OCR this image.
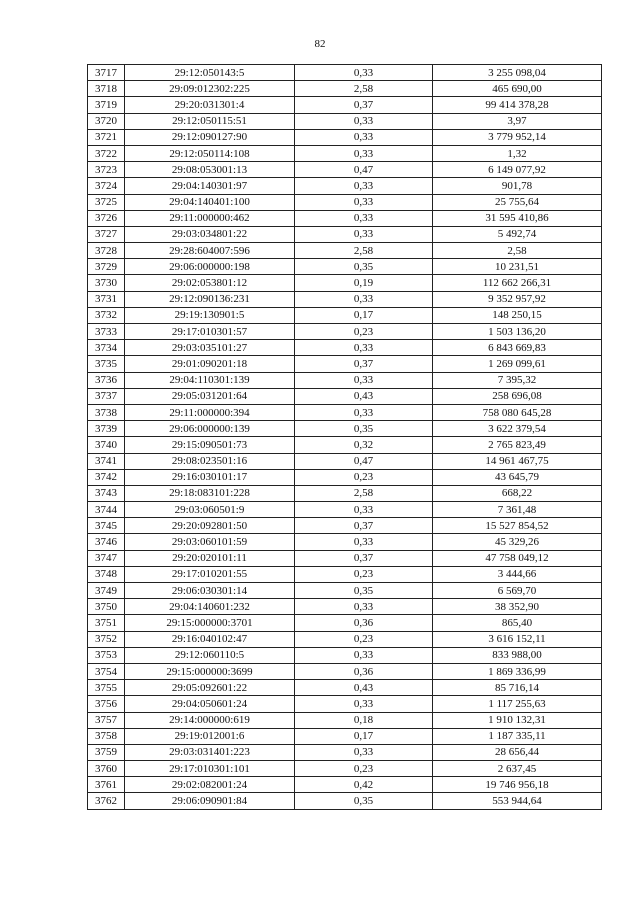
82
3717	29:12:050143:5	0,33	3 255 098,04
3718	29:09:012302:225	2,58	465 690,00
3719	29:20:031301:4	0,37	99 414 378,28
3720	29:12:050115:51	0,33	3,97
3721	29:12:090127:90	0,33	3 779 952,14
3722	29:12:050114:108	0,33	1,32
3723	29:08:053001:13	0,47	6 149 077,92
3724	29:04:140301:97	0,33	901,78
3725	29:04:140401:100	0,33	25 755,64
3726	29:11:000000:462	0,33	31 595 410,86
3727	29:03:034801:22	0,33	5 492,74
3728	29:28:604007:596	2,58	2,58
3729	29:06:000000:198	0,35	10 231,51
3730	29:02:053801:12	0,19	112 662 266,31
3731	29:12:090136:231	0,33	9 352 957,92
3732	29:19:130901:5	0,17	148 250,15
3733	29:17:010301:57	0,23	1 503 136,20
3734	29:03:035101:27	0,33	6 843 669,83
3735	29:01:090201:18	0,37	1 269 099,61
3736	29:04:110301:139	0,33	7 395,32
3737	29:05:031201:64	0,43	258 696,08
3738	29:11:000000:394	0,33	758 080 645,28
3739	29:06:000000:139	0,35	3 622 379,54
3740	29:15:090501:73	0,32	2 765 823,49
3741	29:08:023501:16	0,47	14 961 467,75
3742	29:16:030101:17	0,23	43 645,79
3743	29:18:083101:228	2,58	668,22
3744	29:03:060501:9	0,33	7 361,48
3745	29:20:092801:50	0,37	15 527 854,52
3746	29:03:060101:59	0,33	45 329,26
3747	29:20:020101:11	0,37	47 758 049,12
3748	29:17:010201:55	0,23	3 444,66
3749	29:06:030301:14	0,35	6 569,70
3750	29:04:140601:232	0,33	38 352,90
3751	29:15:000000:3701	0,36	865,40
3752	29:16:040102:47	0,23	3 616 152,11
3753	29:12:060110:5	0,33	833 988,00
3754	29:15:000000:3699	0,36	1 869 336,99
3755	29:05:092601:22	0,43	85 716,14
3756	29:04:050601:24	0,33	1 117 255,63
3757	29:14:000000:619	0,18	1 910 132,31
3758	29:19:012001:6	0,17	1 187 335,11
3759	29:03:031401:223	0,33	28 656,44
3760	29:17:010301:101	0,23	2 637,45
3761	29:02:082001:24	0,42	19 746 956,18
3762	29:06:090901:84	0,35	553 944,64
